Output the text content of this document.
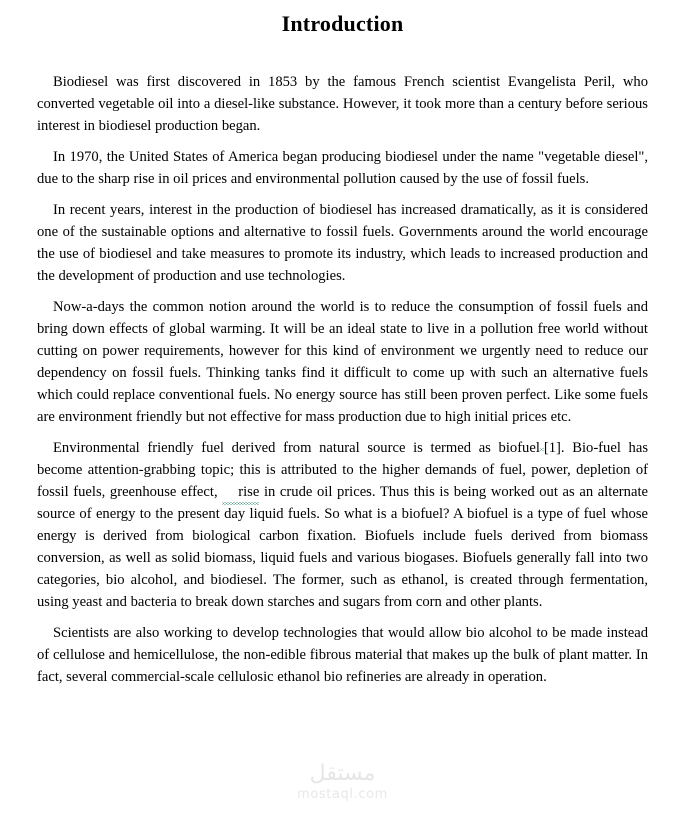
Introduction

Biodiesel was first discovered in 1853 by the famous French scientist Evangelista Peril, who converted vegetable oil into a diesel-like substance. However, it took more than a century before serious interest in biodiesel production began.

In 1970, the United States of America began producing biodiesel under the name "vegetable diesel", due to the sharp rise in oil prices and environmental pollution caused by the use of fossil fuels.

In recent years, interest in the production of biodiesel has increased dramatically, as it is considered one of the sustainable options and alternative to fossil fuels. Governments around the world encourage the use of biodiesel and take measures to promote its industry, which leads to increased production and the development of production and use technologies.

Now-a-days the common notion around the world is to reduce the consumption of fossil fuels and bring down effects of global warming. It will be an ideal state to live in a pollution free world without cutting on power requirements, however for this kind of environment we urgently need to reduce our dependency on fossil fuels. Thinking tanks find it difficult to come up with such an alternative fuels which could replace conventional fuels. No energy source has still been proven perfect. Like some fuels are environment friendly but not effective for mass production due to high initial prices etc.

Environmental friendly fuel derived from natural source is termed as biofuel [1]. Bio-fuel has become attention-grabbing topic; this is attributed to the higher demands of fuel, power, depletion of fossil fuels, greenhouse effect, rise in crude oil prices. Thus this is being worked out as an alternate source of energy to the present day liquid fuels. So what is a biofuel? A biofuel is a type of fuel whose energy is derived from biological carbon fixation. Biofuels include fuels derived from biomass conversion, as well as solid biomass, liquid fuels and various biogases. Biofuels generally fall into two categories, bio alcohol, and biodiesel. The former, such as ethanol, is created through fermentation, using yeast and bacteria to break down starches and sugars from corn and other plants.

Scientists are also working to develop technologies that would allow bio alcohol to be made instead of cellulose and hemicellulose, the non-edible fibrous material that makes up the bulk of plant matter. In fact, several commercial-scale cellulosic ethanol bio refineries are already in operation.

مستقل
mostaql.com
